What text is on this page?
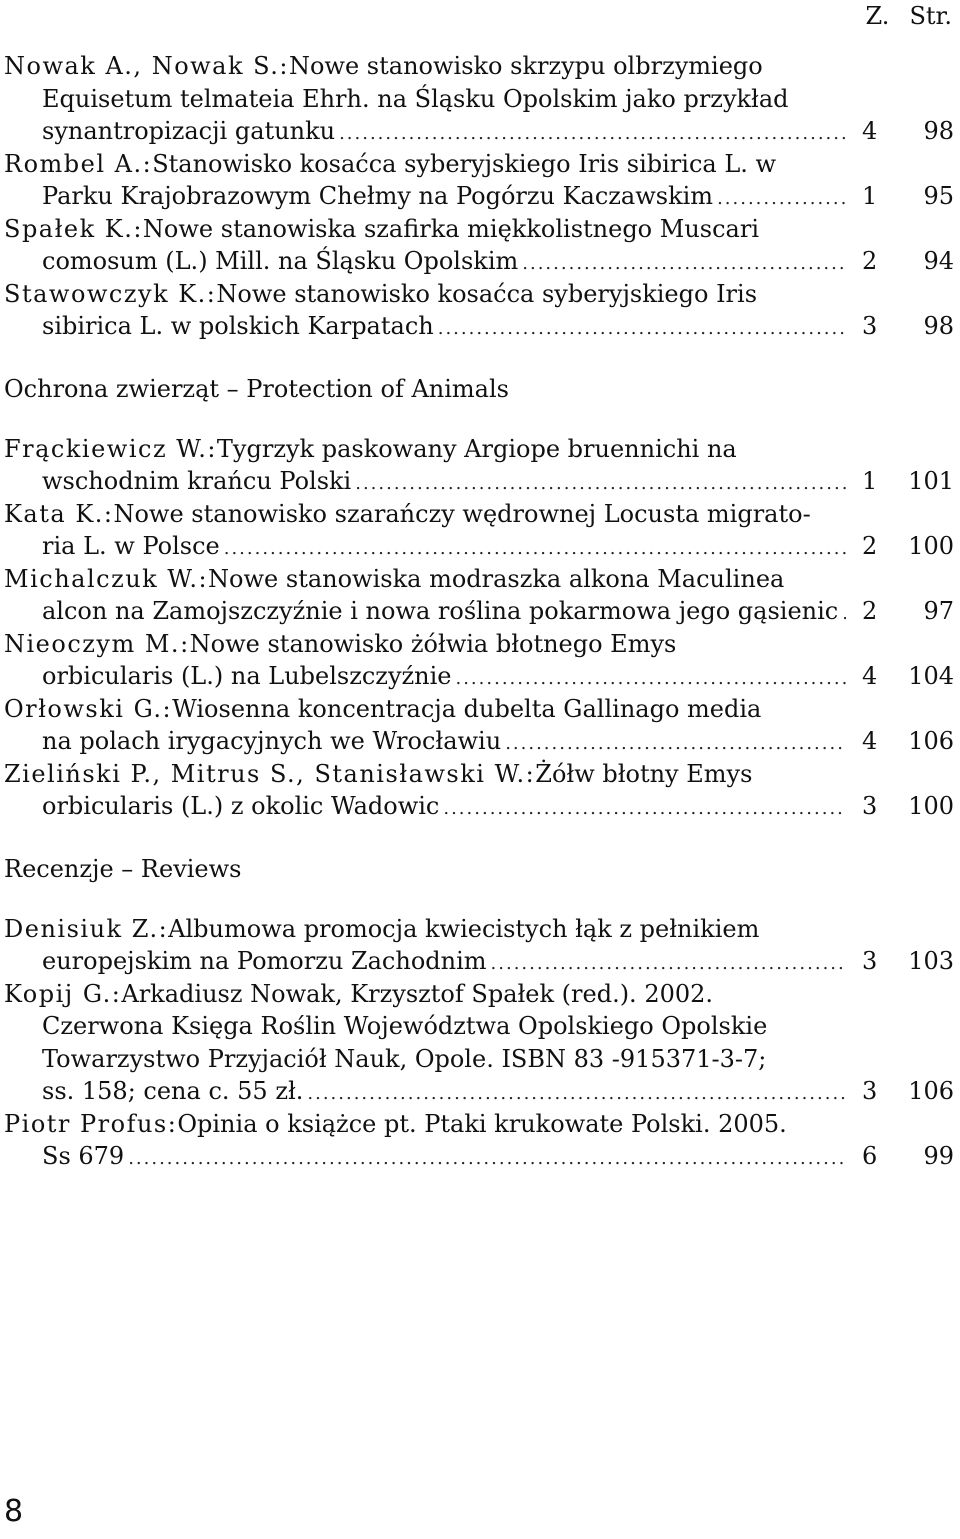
Z. Str.
Nowak A., Nowak S.: Nowe stanowisko skrzypu olbrzymiego
Equisetum telmateia Ehrh. na Śląsku Opolskim jako przykład
synantropizacji gatunku .....	4	98
Rombel A.: Stanowisko kosaćca syberyjskiego Iris sibirica L. w
Parku Krajobrazowym Chełmy na Pogórzu Kaczawskim .....	1	95
Spałek K.: Nowe stanowiska szafirka miękkolistnego Muscari
comosum (L.) Mill. na Śląsku Opolskim .....	2	94
Stawowczyk K.: Nowe stanowisko kosaćca syberyjskiego Iris
sibirica L. w polskich Karpatach .....	3	98
Ochrona zwierząt – Protection of Animals
Frąckiewicz W.: Tygrzyk paskowany Argiope bruennichi na
wschodnim krańcu Polski .....	1	101
Kata K.: Nowe stanowisko szarańczy wędrownej Locusta migrato-
ria L. w Polsce .....	2	100
Michalczuk W.: Nowe stanowiska modraszka alkona Maculinea
alcon na Zamojszczyźnie i nowa roślina pokarmowa jego gąsienic ..... 2	97
Nieoczym M.: Nowe stanowisko żółwia błotnego Emys
orbicularis (L.) na Lubelszczyźnie .....	4	104
Orłowski G.: Wiosenna koncentracja dubelta Gallinago media
na polach irygacyjnych we Wrocławiu .....	4	106
Zieliński P., Mitrus S., Stanisławski W.: Żółw błotny Emys
orbicularis (L.) z okolic Wadowic .....	3	100
Recenzje – Reviews
Denisiuk Z.: Albumowa promocja kwiecistych łąk z pełnikiem
europejskim na Pomorzu Zachodnim .....	3	103
Kopij G.: Arkadiusz Nowak, Krzysztof Spałek (red.). 2002.
Czerwona Księga Roślin Województwa Opolskiego Opolskie
Towarzystwo Przyjaciół Nauk, Opole. ISBN 83 -915371-3-7;
ss. 158; cena c. 55 zł. .....	3	106
Piotr Profus: Opinia o książce pt. Ptaki krukowate Polski. 2005.
Ss 679 .....	6	99
8
